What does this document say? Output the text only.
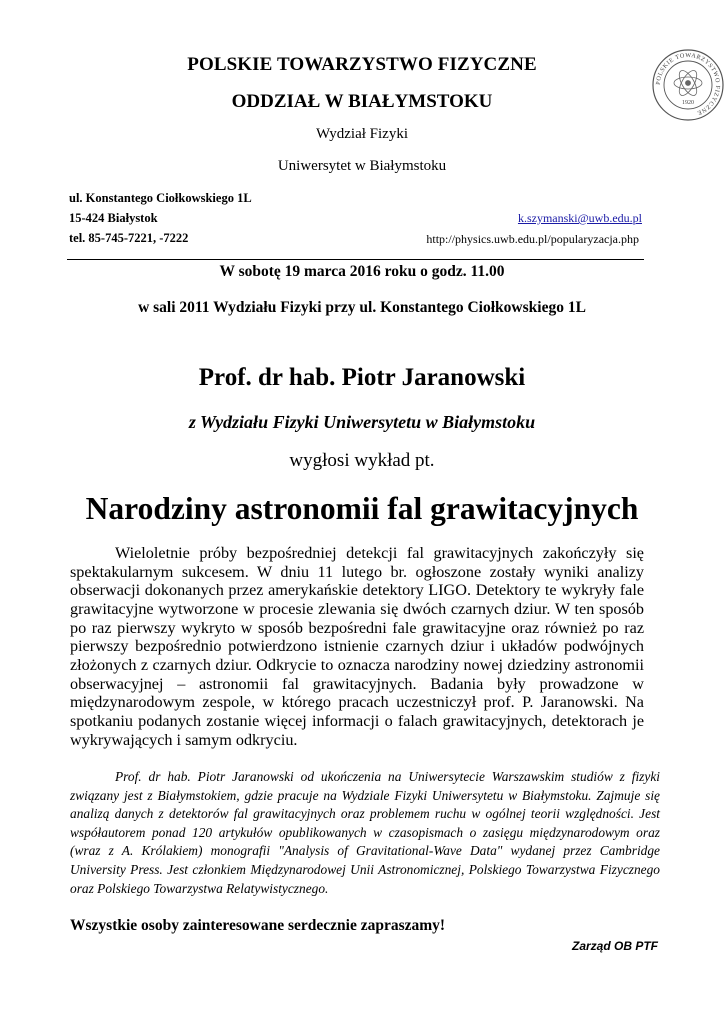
POLSKIE TOWARZYSTWO FIZYCZNE
ODDZIAŁ W BIAŁYMSTOKU
Wydział Fizyki
Uniwersytet w Białymstoku
POLSKIE TOWARZYSTWO FIZYCZNE
1920
ul. Konstantego Ciołkowskiego 1L
15-424 Białystok
tel. 85-745-7221, -7222
k.szymanski@uwb.edu.pl
http://physics.uwb.edu.pl/popularyzacja.php
W sobotę 19 marca 2016 roku o godz. 11.00
w sali 2011 Wydziału Fizyki przy ul. Konstantego Ciołkowskiego 1L
Prof. dr hab. Piotr Jaranowski
z Wydziału Fizyki Uniwersytetu w Białymstoku
wygłosi wykład pt.
Narodziny astronomii fal grawitacyjnych

Wieloletnie próby bezpośredniej detekcji fal grawitacyjnych zakończyły się spektakularnym sukcesem. W dniu 11 lutego br. ogłoszone zostały wyniki analizy obserwacji dokonanych przez amerykańskie detektory LIGO. Detektory te wykryły fale grawitacyjne wytworzone w procesie zlewania się dwóch czarnych dziur. W ten sposób po raz pierwszy wykryto w sposób bezpośredni fale grawitacyjne oraz również po raz pierwszy bezpośrednio potwierdzono istnienie czarnych dziur i układów podwójnych złożonych z czarnych dziur. Odkrycie to oznacza narodziny nowej dziedziny astronomii obserwacyjnej – astronomii fal grawitacyjnych. Badania były prowadzone w międzynarodowym zespole, w którego pracach uczestniczył prof. P. Jaranowski. Na spotkaniu podanych zostanie więcej informacji o falach grawitacyjnych, detektorach je wykrywających i samym odkryciu.

Prof. dr hab. Piotr Jaranowski od ukończenia na Uniwersytecie Warszawskim studiów z fizyki związany jest z Białymstokiem, gdzie pracuje na Wydziale Fizyki Uniwersytetu w Białymstoku. Zajmuje się analizą danych z detektorów fal grawitacyjnych oraz problemem ruchu w ogólnej teorii względności. Jest współautorem ponad 120 artykułów opublikowanych w czasopismach o zasięgu międzynarodowym oraz (wraz z A. Królakiem) monografii "Analysis of Gravitational-Wave Data" wydanej przez Cambridge University Press. Jest członkiem Międzynarodowej Unii Astronomicznej, Polskiego Towarzystwa Fizycznego oraz Polskiego Towarzystwa Relatywistycznego.

Wszystkie osoby zainteresowane serdecznie zapraszamy!
Zarząd OB PTF
